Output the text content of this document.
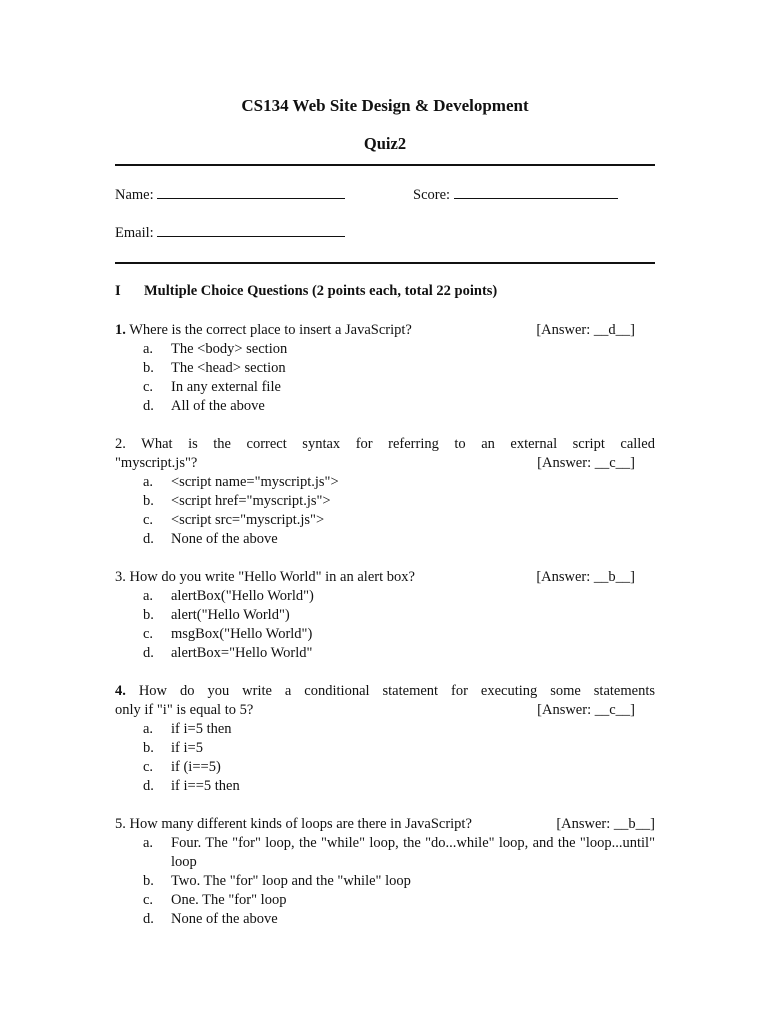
CS134 Web Site Design & Development
Quiz2
Name:	Score:
Email:
I Multiple Choice Questions (2 points each, total 22 points)
1. Where is the correct place to insert a JavaScript?	[Answer: __d__]
a.	The <body> section
b.	The <head> section
c.	In any external file
d.	All of the above
2. What is the correct syntax for referring to an external script called
"myscript.js"?	[Answer: __c__]
a.	<script name="myscript.js">
b.	<script href="myscript.js">
c.	<script src="myscript.js">
d.	None of the above
3. How do you write "Hello World" in an alert box?	[Answer: __b__]
a.	alertBox("Hello World")
b.	alert("Hello World")
c.	msgBox("Hello World")
d.	alertBox="Hello World"
4. How do you write a conditional statement for executing some statements
only if "i" is equal to 5?	[Answer: __c__]
a.	if i=5 then
b.	if i=5
c.	if (i==5)
d.	if i==5 then
5. How many different kinds of loops are there in JavaScript?	[Answer: __b__]
a.	Four. The "for" loop, the "while" loop, the "do...while" loop, and the "loop...until" loop
b.	Two. The "for" loop and the "while" loop
c.	One. The "for" loop
d.	None of the above
